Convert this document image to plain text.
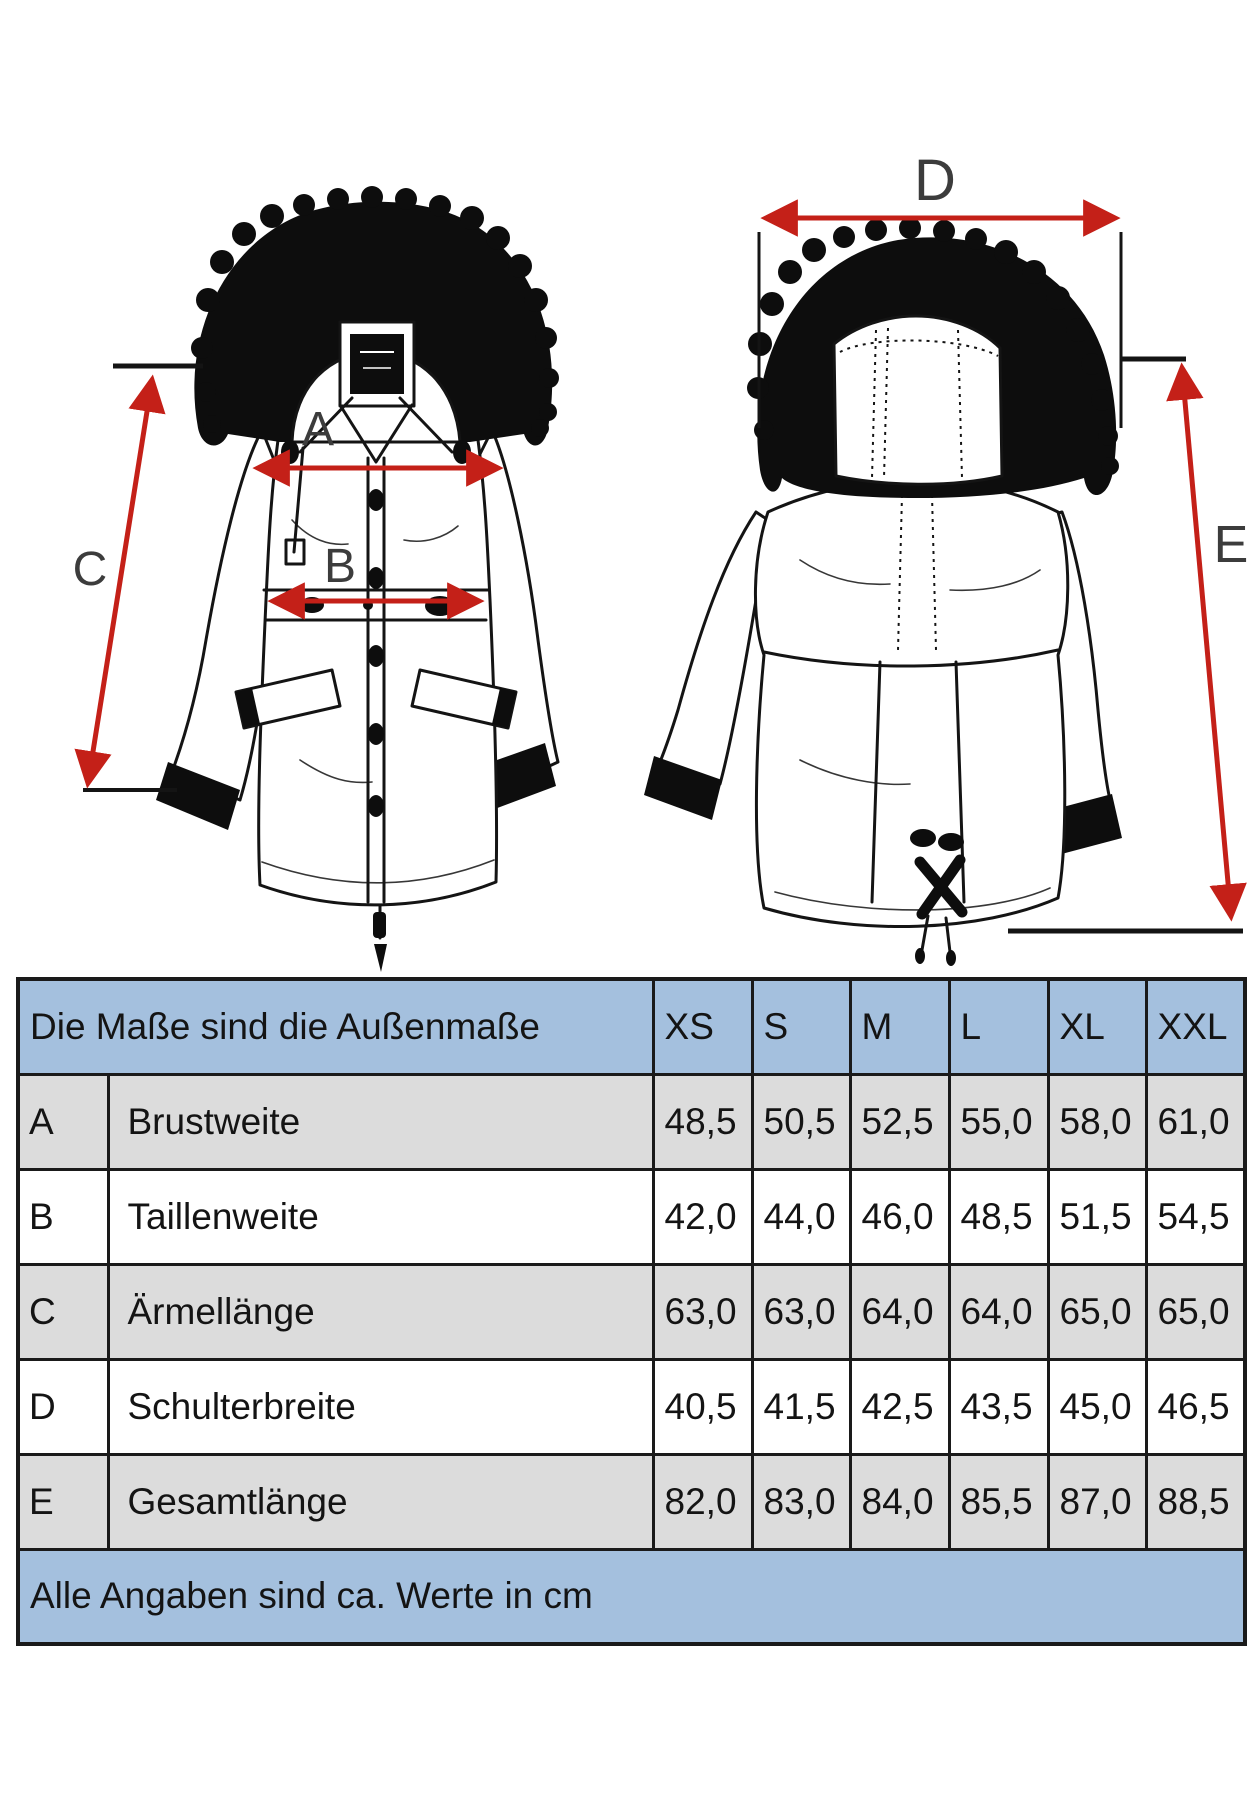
A
B
C
D
E
Die Maße sind die Außenmaße		XS	S	M	L	XL	XXL
A	Brustweite	48,5	50,5	52,5	55,0	58,0	61,0
B	Taillenweite	42,0	44,0	46,0	48,5	51,5	54,5
C	Ärmellänge	63,0	63,0	64,0	64,0	65,0	65,0
D	Schulterbreite	40,5	41,5	42,5	43,5	45,0	46,5
E	Gesamtlänge	82,0	83,0	84,0	85,5	87,0	88,5
Alle Angaben sind ca. Werte in cm							
